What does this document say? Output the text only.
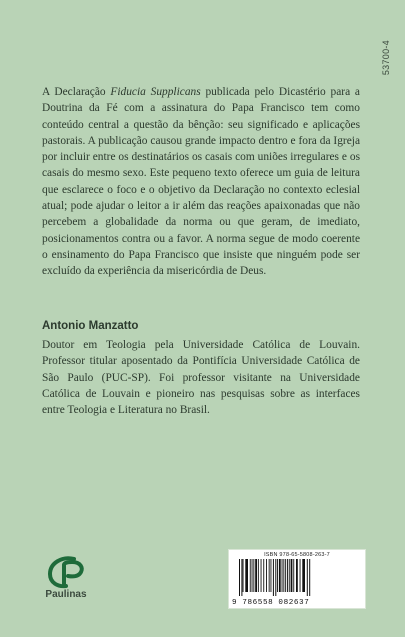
53700-4
A Declaração Fiducia Supplicans publicada pelo Dicastério para a Doutrina da Fé com a assinatura do Papa Francisco tem como conteúdo central a questão da bênção: seu significado e aplicações pastorais. A publicação causou grande impacto dentro e fora da Igreja por incluir entre os destinatários os casais com uniões irregulares e os casais do mesmo sexo. Este pequeno texto oferece um guia de leitura que esclarece o foco e o objetivo da Declaração no contexto eclesial atual; pode ajudar o leitor a ir além das reações apaixonadas que não percebem a globalidade da norma ou que geram, de imediato, posicionamentos contra ou a favor. A norma segue de modo coerente o ensinamento do Papa Francisco que insiste que ninguém pode ser excluído da experiência da misericórdia de Deus.
Antonio Manzatto
Doutor em Teologia pela Universidade Católica de Louvain. Professor titular aposentado da Pontifícia Universidade Católica de São Paulo (PUC-SP). Foi professor visitante na Universidade Católica de Louvain e pioneiro nas pesquisas sobre as interfaces entre Teologia e Literatura no Brasil.
Paulinas
ISBN 978-65-5808-263-7
9 786558 082637
